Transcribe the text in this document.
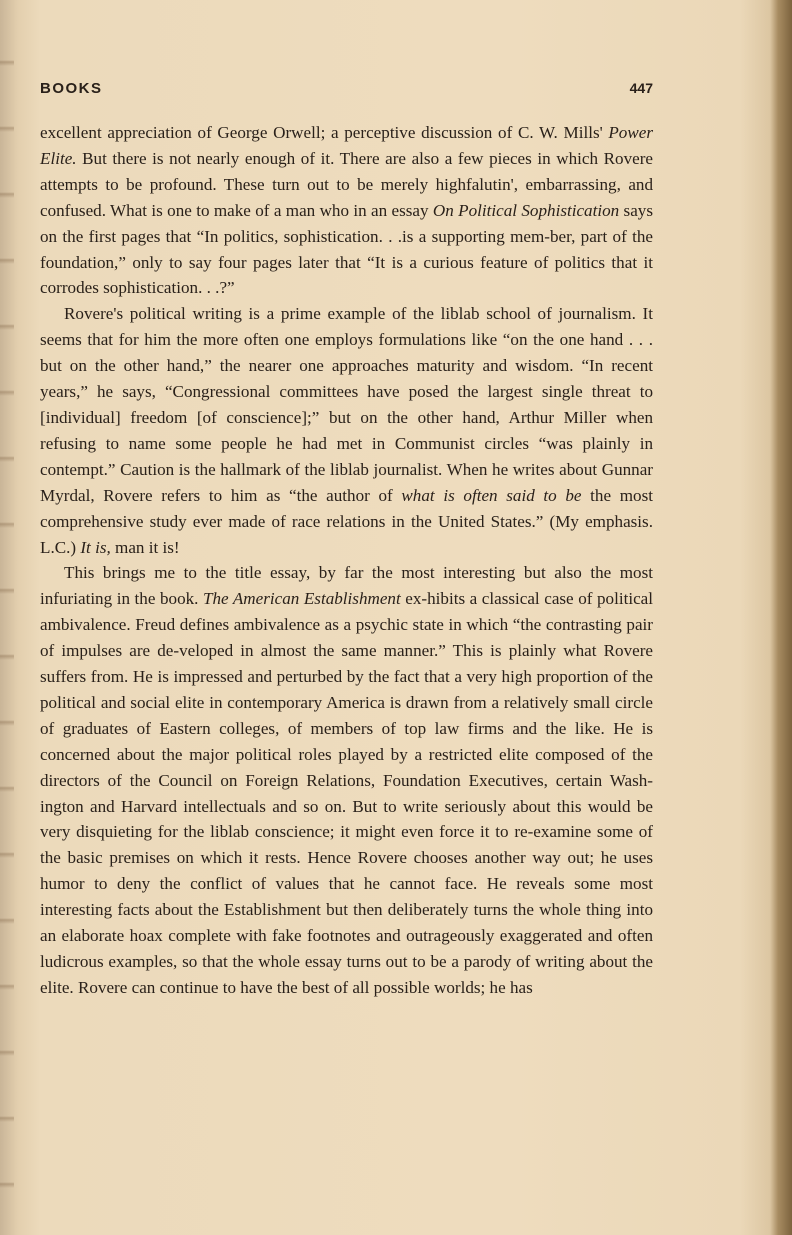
BOOKS	447

excellent appreciation of George Orwell; a perceptive discussion of C. W. Mills' Power Elite. But there is not nearly enough of it. There are also a few pieces in which Rovere attempts to be profound. These turn out to be merely highfalutin', embarrassing, and confused. What is one to make of a man who in an essay On Political Sophistication says on the first pages that “In politics, sophistication. . .is a supporting mem-ber, part of the foundation,” only to say four pages later that “It is a curious feature of politics that it corrodes sophistication. . .?”

Rovere's political writing is a prime example of the liblab school of journalism. It seems that for him the more often one employs formulations like “on the one hand . . . but on the other hand,” the nearer one approaches maturity and wisdom. “In recent years,” he says, “Congressional committees have posed the largest single threat to [individual] freedom [of conscience];” but on the other hand, Arthur Miller when refusing to name some people he had met in Communist circles “was plainly in contempt.” Caution is the hallmark of the liblab journalist. When he writes about Gunnar Myrdal, Rovere refers to him as “the author of what is often said to be the most comprehensive study ever made of race relations in the United States.” (My emphasis. L.C.) It is, man it is!

This brings me to the title essay, by far the most interesting but also the most infuriating in the book. The American Establishment ex-hibits a classical case of political ambivalence. Freud defines ambivalence as a psychic state in which “the contrasting pair of impulses are de-veloped in almost the same manner.” This is plainly what Rovere suffers from. He is impressed and perturbed by the fact that a very high proportion of the political and social elite in contemporary America is drawn from a relatively small circle of graduates of Eastern colleges, of members of top law firms and the like. He is concerned about the major political roles played by a restricted elite composed of the directors of the Council on Foreign Relations, Foundation Executives, certain Wash-ington and Harvard intellectuals and so on. But to write seriously about this would be very disquieting for the liblab conscience; it might even force it to re-examine some of the basic premises on which it rests. Hence Rovere chooses another way out; he uses humor to deny the conflict of values that he cannot face. He reveals some most interesting facts about the Establishment but then deliberately turns the whole thing into an elaborate hoax complete with fake footnotes and outrageously exaggerated and often ludicrous examples, so that the whole essay turns out to be a parody of writing about the elite. Rovere can continue to have the best of all possible worlds; he has
